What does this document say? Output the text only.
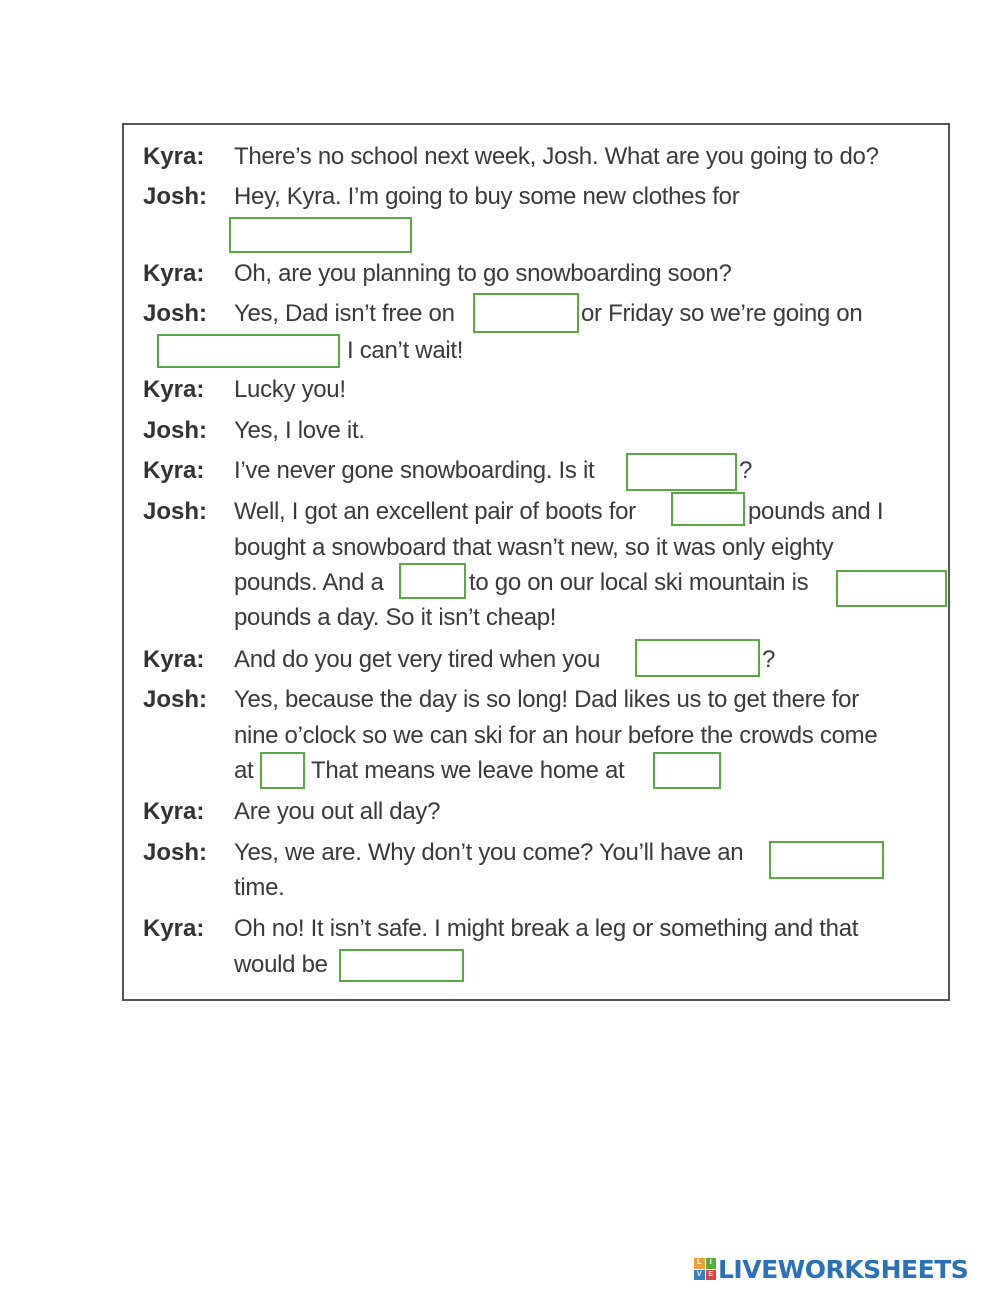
Kyra: There’s no school next week, Josh. What are you going to do?
Josh: Hey, Kyra. I’m going to buy some new clothes for
Kyra: Oh, are you planning to go snowboarding soon?
Josh: Yes, Dad isn’t free on	or Friday so we’re going on
I can’t wait!
Kyra: Lucky you!
Josh: Yes, I love it.
Kyra: I’ve never gone snowboarding. Is it	?
Josh: Well, I got an excellent pair of boots for	pounds and I
bought a snowboard that wasn’t new, so it was only eighty
pounds. And a	to go on our local ski mountain is
pounds a day. So it isn’t cheap!
Kyra: And do you get very tired when you	?
Josh: Yes, because the day is so long! Dad likes us to get there for
nine o’clock so we can ski for an hour before the crowds come
at That means we leave home at
Kyra: Are you out all day?
Josh: Yes, we are. Why don’t you come? You’ll have an
time.
Kyra: Oh no! It isn’t safe. I might break a leg or something and that
would be
L	I
V E LIVEWORKSHEETS
